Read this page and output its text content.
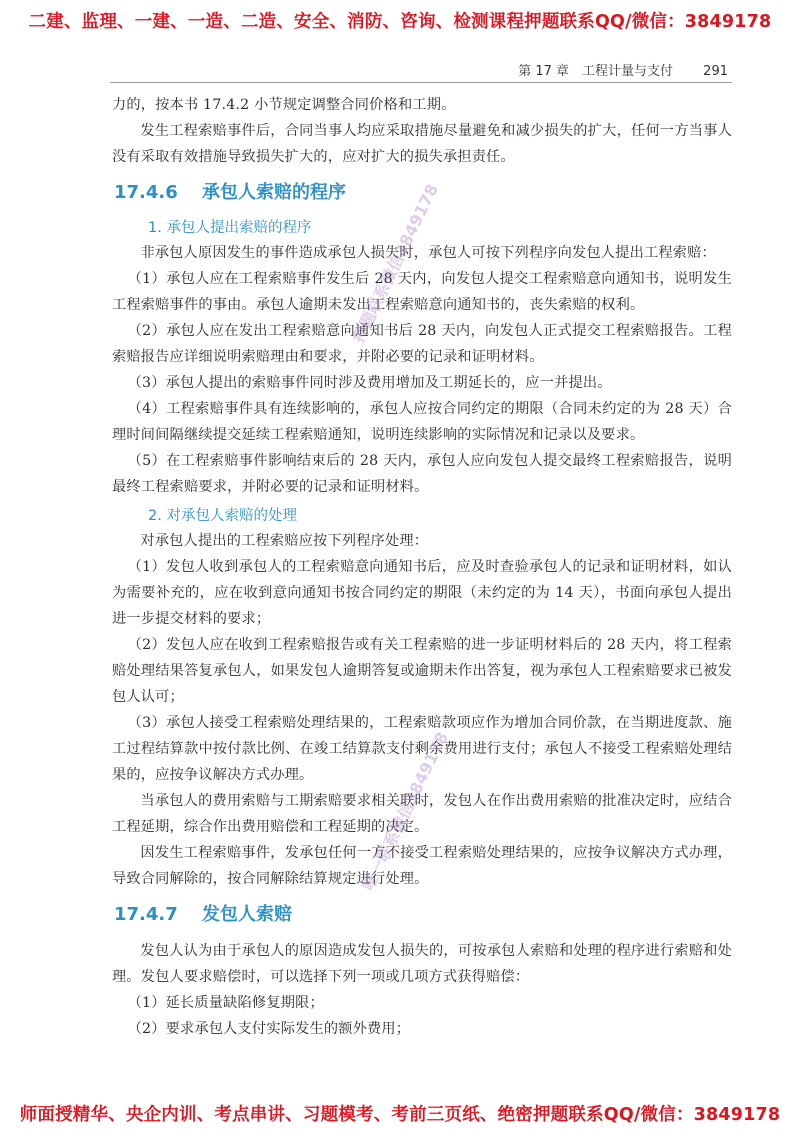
二建、监理、一建、一造、二造、安全、消防、咨询、检测课程押题联系QQ/微信：3849178
第 17 章　工程计量与支付 291

力的，按本书 17.4.2 小节规定调整合同价格和工期。

发生工程索赔事件后，合同当事人均应采取措施尽量避免和减少损失的扩大，任何一方当事人没有采取有效措施导致损失扩大的，应对扩大的损失承担责任。

17.4.6 承包人索赔的程序
1. 承包人提出索赔的程序

非承包人原因发生的事件造成承包人损失时，承包人可按下列程序向发包人提出工程索赔：

（1）承包人应在工程索赔事件发生后 28 天内，向发包人提交工程索赔意向通知书，说明发生工程索赔事件的事由。承包人逾期未发出工程索赔意向通知书的，丧失索赔的权利。

（2）承包人应在发出工程索赔意向通知书后 28 天内，向发包人正式提交工程索赔报告。工程索赔报告应详细说明索赔理由和要求，并附必要的记录和证明材料。

（3）承包人提出的索赔事件同时涉及费用增加及工期延长的，应一并提出。

（4）工程索赔事件具有连续影响的，承包人应按合同约定的期限（合同未约定的为 28 天）合理时间间隔继续提交延续工程索赔通知，说明连续影响的实际情况和记录以及要求。

（5）在工程索赔事件影响结束后的 28 天内，承包人应向发包人提交最终工程索赔报告，说明最终工程索赔要求，并附必要的记录和证明材料。

2. 对承包人索赔的处理

对承包人提出的工程索赔应按下列程序处理：

（1）发包人收到承包人的工程索赔意向通知书后，应及时查验承包人的记录和证明材料，如认为需要补充的，应在收到意向通知书按合同约定的期限（未约定的为 14 天），书面向承包人提出进一步提交材料的要求；

（2）发包人应在收到工程索赔报告或有关工程索赔的进一步证明材料后的 28 天内，将工程索赔处理结果答复承包人，如果发包人逾期答复或逾期未作出答复，视为承包人工程索赔要求已被发包人认可；

（3）承包人接受工程索赔处理结果的，工程索赔款项应作为增加合同价款，在当期进度款、施工过程结算款中按付款比例、在竣工结算款支付剩余费用进行支付；承包人不接受工程索赔处理结果的，应按争议解决方式办理。

当承包人的费用索赔与工期索赔要求相关联时，发包人在作出费用索赔的批准决定时，应结合工程延期，综合作出费用赔偿和工程延期的决定。

因发生工程索赔事件，发承包任何一方不接受工程索赔处理结果的，应按争议解决方式办理，导致合同解除的，按合同解除结算规定进行处理。

17.4.7 发包人索赔

发包人认为由于承包人的原因造成发包人损失的，可按承包人索赔和处理的程序进行索赔和处理。发包人要求赔偿时，可以选择下列一项或几项方式获得赔偿：

（1）延长质量缺陷修复期限；

（2）要求承包人支付实际发生的额外费用；

押题联系微信3849178
唯一联系微信3849178
师面授精华、央企内训、考点串讲、习题模考、考前三页纸、绝密押题联系QQ/微信：3849178
